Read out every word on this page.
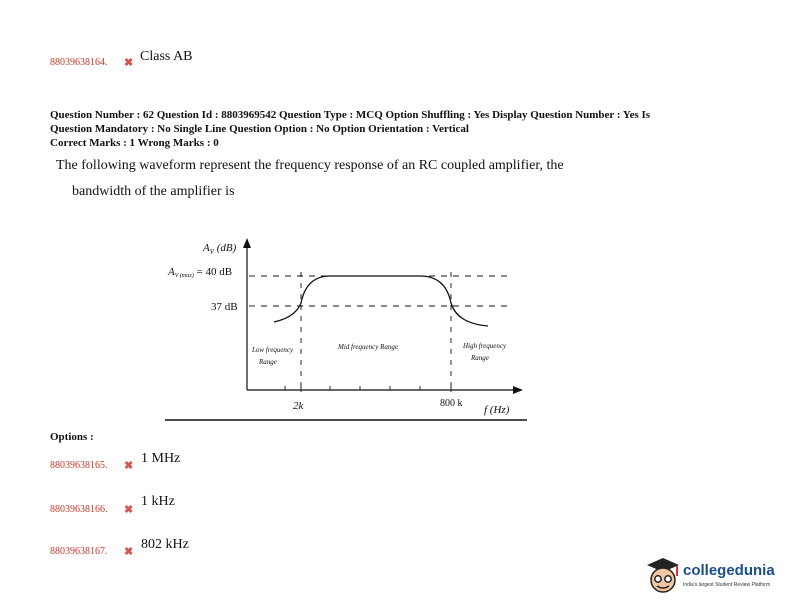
88039638164. ✖ Class AB
Question Number : 62 Question Id : 8803969542 Question Type : MCQ Option Shuffling : Yes Display Question Number : Yes Is
Question Mandatory : No Single Line Question Option : No Option Orientation : Vertical
Correct Marks : 1 Wrong Marks : 0
The following waveform represent the frequency response of an RC coupled amplifier, the
bandwidth of the amplifier is
$A_V$ (dB)
AV (max) = 40 dB
37 dB
Low frequency
Range
Mid frequency Range	High frequency
Range
2k	800 k
f (Hz)
Options :
88039638165. ✖ 1 MHz
88039638166. ✖
1 kHz
88039638167. ✖ 802 kHz
collegedunia
India's largest Student Review Platform
